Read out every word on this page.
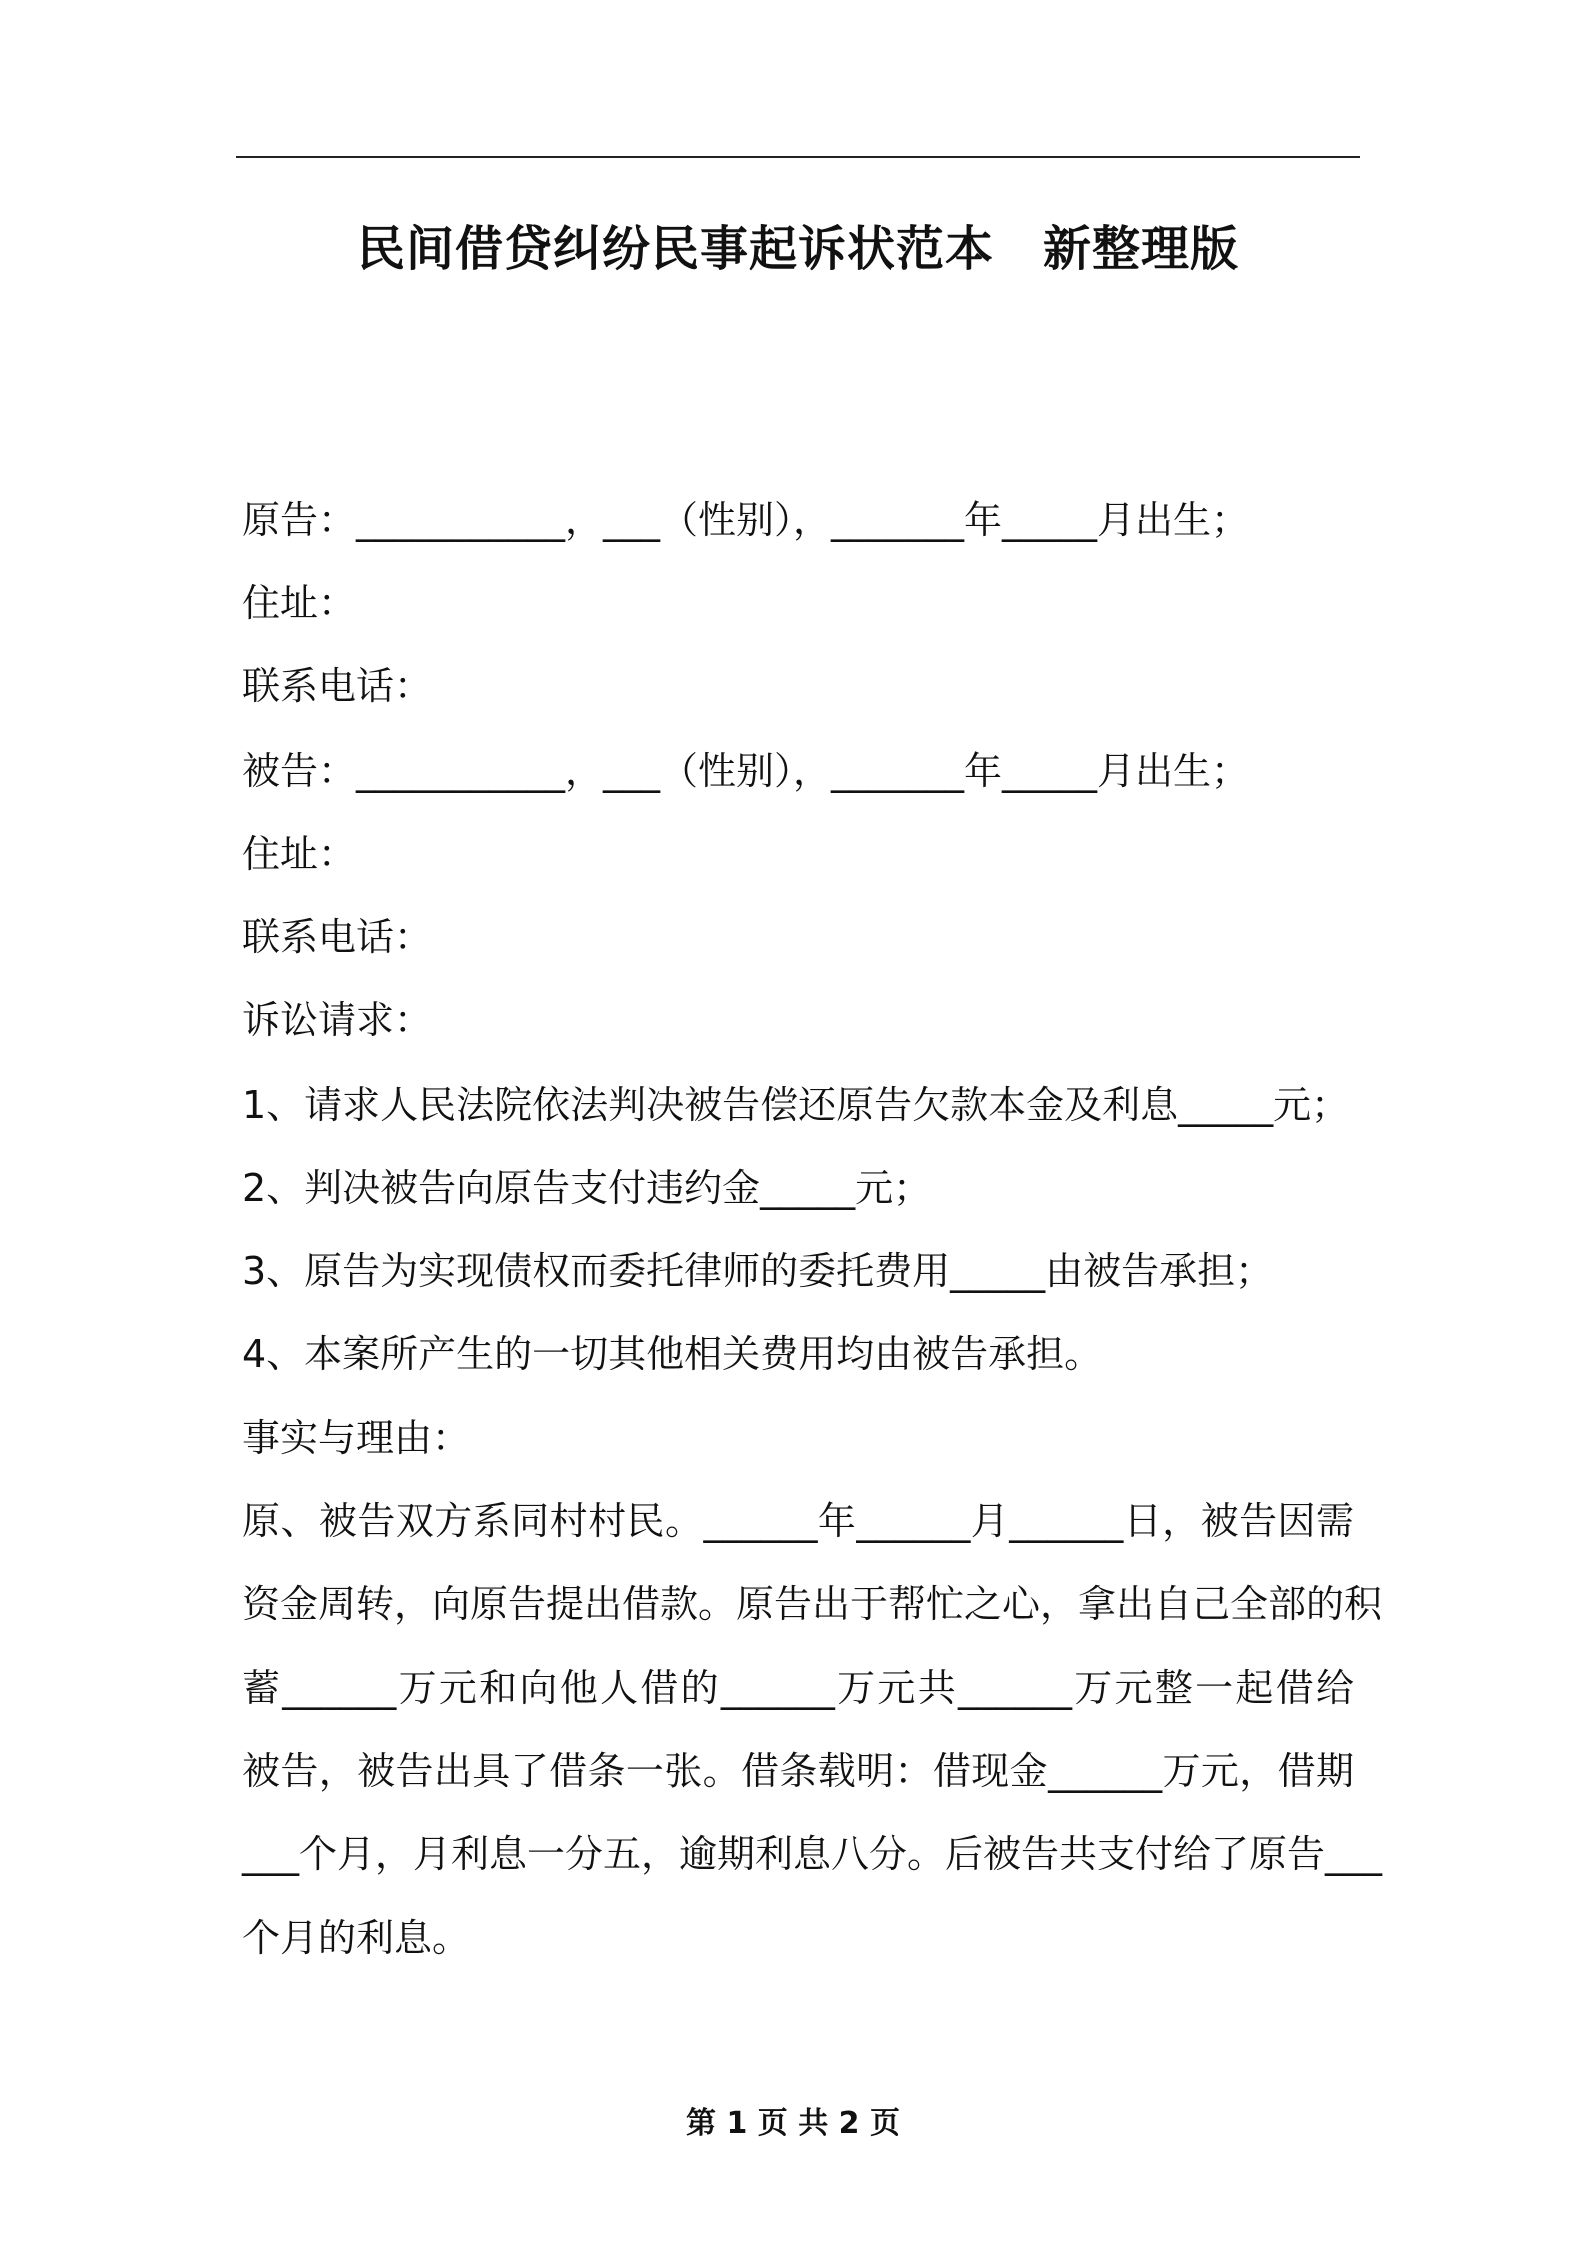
民间借贷纠纷民事起诉状范本　新整理版
原告：___________，___（性别），_______年_____月出生；
住址：
联系电话：
被告：___________，___（性别），_______年_____月出生；
住址：
联系电话：
诉讼请求：
1、请求人民法院依法判决被告偿还原告欠款本金及利息_____元；
2、判决被告向原告支付违约金_____元；
3、原告为实现债权而委托律师的委托费用_____由被告承担；
4、本案所产生的一切其他相关费用均由被告承担。
事实与理由：
原、被告双方系同村村民。______年______月______日，被告因需
资金周转，向原告提出借款。原告出于帮忙之心，拿出自己全部的积
蓄______万元和向他人借的______万元共______万元整一起借给
被告，被告出具了借条一张。借条载明：借现金______万元，借期
___个月，月利息一分五，逾期利息八分。后被告共支付给了原告___
个月的利息。
第 1 页 共 2 页
